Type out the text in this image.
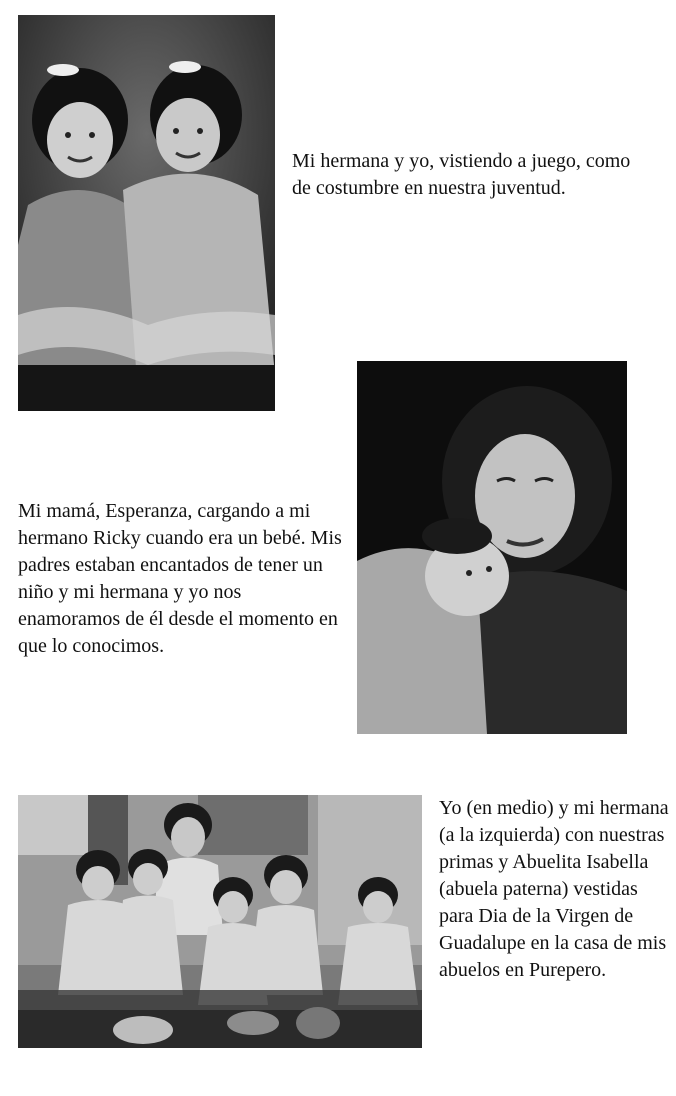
Mi hermana y yo, vistiendo a juego, como de costumbre en nuestra juventud.

Mi mamá, Esperanza, cargando a mi hermano Ricky cuando era un bebé. Mis padres estaban encantados de tener un niño y mi hermana y yo nos enamoramos de él desde el momento en que lo conocimos.

Yo (en medio) y mi hermana (a la izquierda) con nuestras primas y Abuelita Isabella (abuela paterna) vestidas para Dia de la Virgen de Guadalupe en la casa de mis abuelos en Purepero.
